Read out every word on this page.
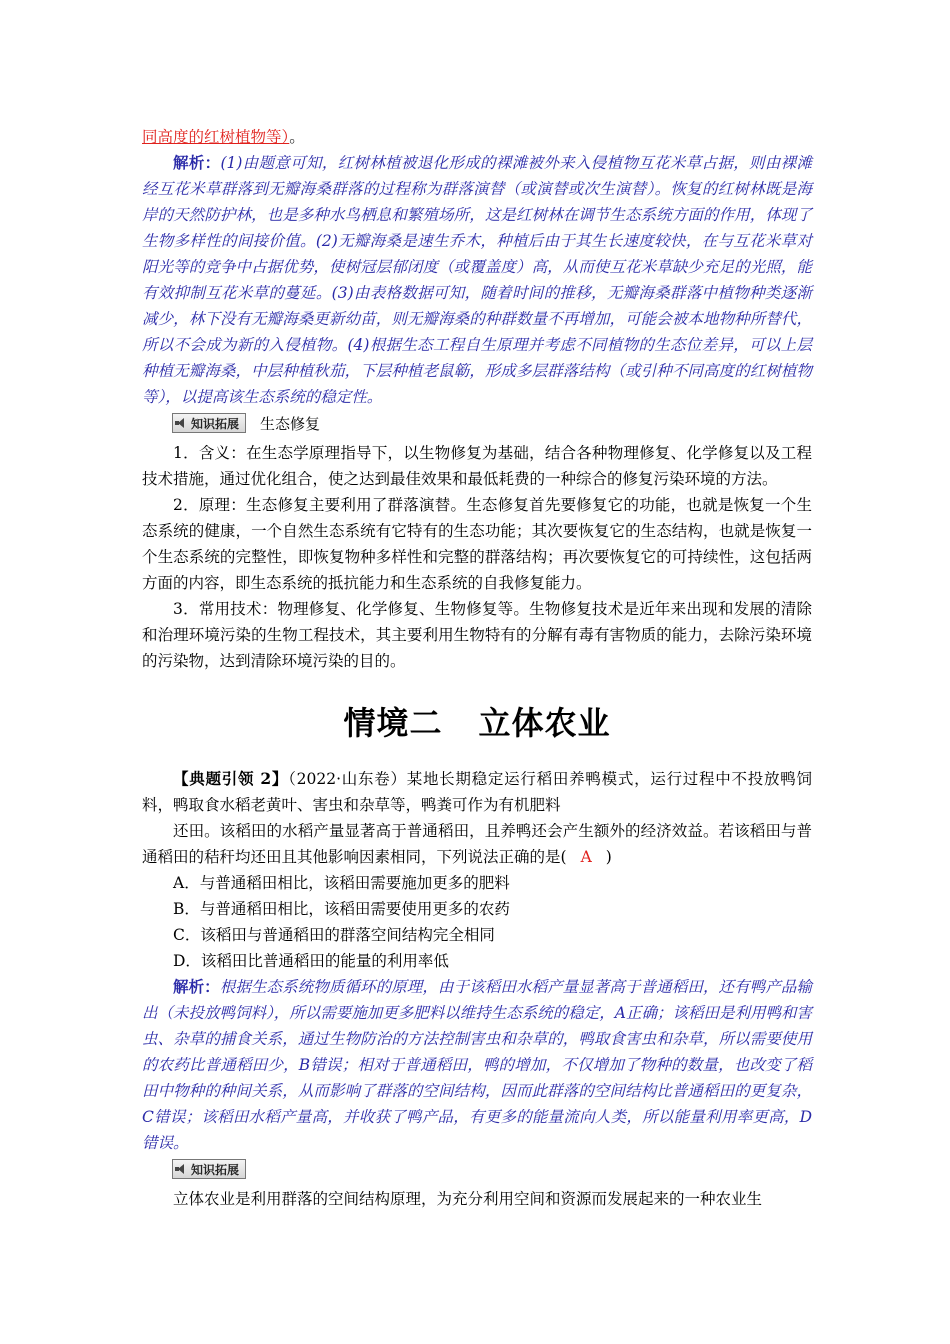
同高度的红树植物等）。

解析：(1)由题意可知，红树林植被退化形成的裸滩被外来入侵植物互花米草占据，则由裸滩经互花米草群落到无瓣海桑群落的过程称为群落演替（或演替或次生演替）。恢复的红树林既是海岸的天然防护林，也是多种水鸟栖息和繁殖场所，这是红树林在调节生态系统方面的作用，体现了生物多样性的间接价值。(2)无瓣海桑是速生乔木，种植后由于其生长速度较快，在与互花米草对阳光等的竞争中占据优势，使树冠层郁闭度（或覆盖度）高，从而使互花米草缺少充足的光照，能有效抑制互花米草的蔓延。(3)由表格数据可知，随着时间的推移，无瓣海桑群落中植物种类逐渐减少，林下没有无瓣海桑更新幼苗，则无瓣海桑的种群数量不再增加，可能会被本地物种所替代，所以不会成为新的入侵植物。(4)根据生态工程自生原理并考虑不同植物的生态位差异，可以上层种植无瓣海桑，中层种植秋茄，下层种植老鼠簕，形成多层群落结构（或引种不同高度的红树植物等），以提高该生态系统的稳定性。

知识拓展 生态修复

1．含义：在生态学原理指导下，以生物修复为基础，结合各种物理修复、化学修复以及工程技术措施，通过优化组合，使之达到最佳效果和最低耗费的一种综合的修复污染环境的方法。

2．原理：生态修复主要利用了群落演替。生态修复首先要修复它的功能，也就是恢复一个生态系统的健康，一个自然生态系统有它特有的生态功能；其次要恢复它的生态结构，也就是恢复一个生态系统的完整性，即恢复物种多样性和完整的群落结构；再次要恢复它的可持续性，这包括两方面的内容，即生态系统的抵抗能力和生态系统的自我修复能力。

3．常用技术：物理修复、化学修复、生物修复等。生物修复技术是近年来出现和发展的清除和治理环境污染的生物工程技术，其主要利用生物特有的分解有毒有害物质的能力，去除污染环境的污染物，达到清除环境污染的目的。

情境二 立体农业

【典题引领 2】（2022·山东卷）某地长期稳定运行稻田养鸭模式，运行过程中不投放鸭饲料，鸭取食水稻老黄叶、害虫和杂草等，鸭粪可作为有机肥料

还田。该稻田的水稻产量显著高于普通稻田，且养鸭还会产生额外的经济效益。若该稻田与普通稻田的秸秆均还田且其他影响因素相同，下列说法正确的是( A )

A．与普通稻田相比，该稻田需要施加更多的肥料

B．与普通稻田相比，该稻田需要使用更多的农药

C．该稻田与普通稻田的群落空间结构完全相同

D．该稻田比普通稻田的能量的利用率低

解析：根据生态系统物质循环的原理，由于该稻田水稻产量显著高于普通稻田，还有鸭产品输出（未投放鸭饲料），所以需要施加更多肥料以维持生态系统的稳定，A正确；该稻田是利用鸭和害虫、杂草的捕食关系，通过生物防治的方法控制害虫和杂草的，鸭取食害虫和杂草，所以需要使用的农药比普通稻田少，B错误；相对于普通稻田，鸭的增加，不仅增加了物种的数量，也改变了稻田中物种的种间关系，从而影响了群落的空间结构，因而此群落的空间结构比普通稻田的更复杂，C错误；该稻田水稻产量高，并收获了鸭产品，有更多的能量流向人类，所以能量利用率更高，D错误。

知识拓展

立体农业是利用群落的空间结构原理，为充分利用空间和资源而发展起来的一种农业生
